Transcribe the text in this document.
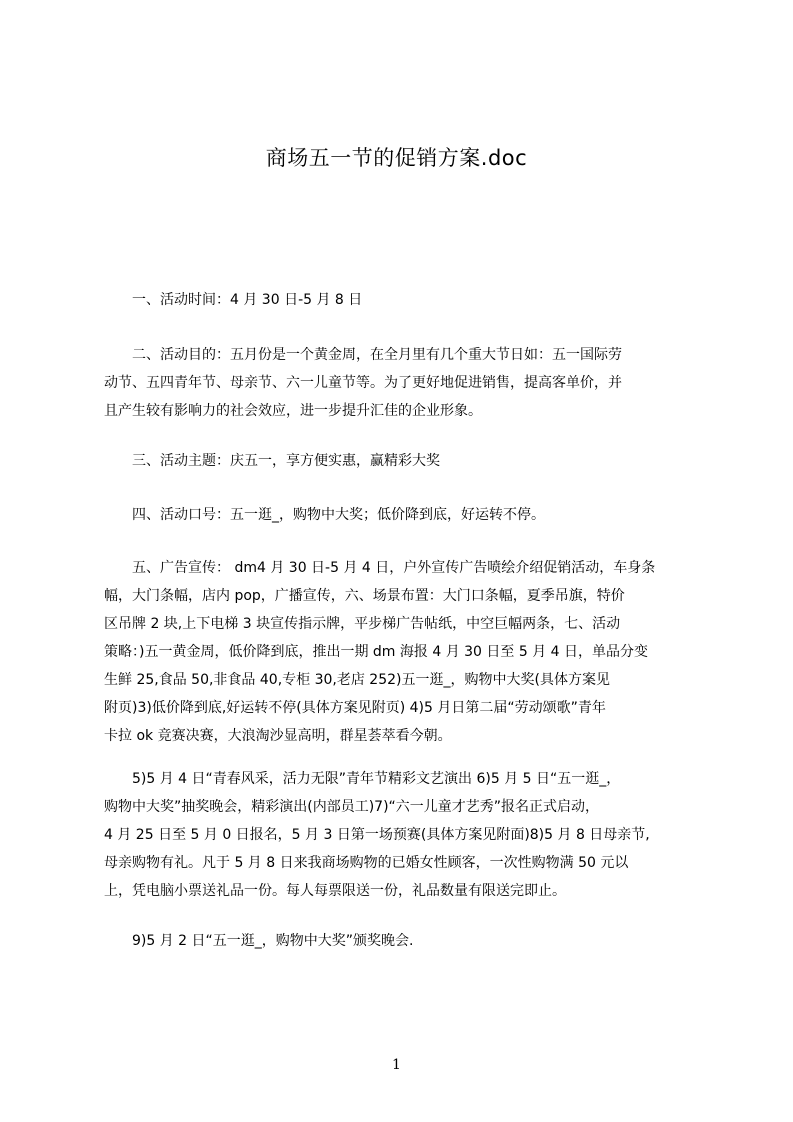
商场五一节的促销方案.doc
　　一、活动时间：4 月 30 日-5 月 8 日
　　二、活动目的：五月份是一个黄金周，在全月里有几个重大节日如：五一国际劳
动节、五四青年节、母亲节、六一儿童节等。为了更好地促进销售，提高客单价，并
且产生较有影响力的社会效应，进一步提升汇佳的企业形象。
　　三、活动主题：庆五一，享方便实惠，赢精彩大奖
　　四、活动口号：五一逛_，购物中大奖；低价降到底，好运转不停。
　　五、广告宣传： dm4 月 30 日-5 月 4 日，户外宣传广告喷绘介绍促销活动，车身条
幅，大门条幅，店内 pop，广播宣传，六、场景布置：大门口条幅，夏季吊旗，特价
区吊牌 2 块,上下电梯 3 块宣传指示牌，平步梯广告帖纸，中空巨幅两条，七、活动
策略：)五一黄金周，低价降到底，推出一期 dm 海报 4 月 30 日至 5 月 4 日，单品分变
生鲜 25,食品 50,非食品 40,专柜 30,老店 252)五一逛_，购物中大奖(具体方案见
附页)3)低价降到底,好运转不停(具体方案见附页) 4)5 月日第二届“劳动颂歌”青年
卡拉 ok 竞赛决赛，大浪淘沙显高明，群星荟萃看今朝。
　　5)5 月 4 日“青春风采，活力无限”青年节精彩文艺演出 6)5 月 5 日“五一逛_，
购物中大奖”抽奖晚会，精彩演出(内部员工)7)“六一儿童才艺秀”报名正式启动，
4 月 25 日至 5 月 0 日报名，5 月 3 日第一场预赛(具体方案见附面)8)5 月 8 日母亲节,
母亲购物有礼。凡于 5 月 8 日来我商场购物的已婚女性顾客，一次性购物满 50 元以
上，凭电脑小票送礼品一份。每人每票限送一份，礼品数量有限送完即止。
　　9)5 月 2 日“五一逛_，购物中大奖”颁奖晚会.
1
